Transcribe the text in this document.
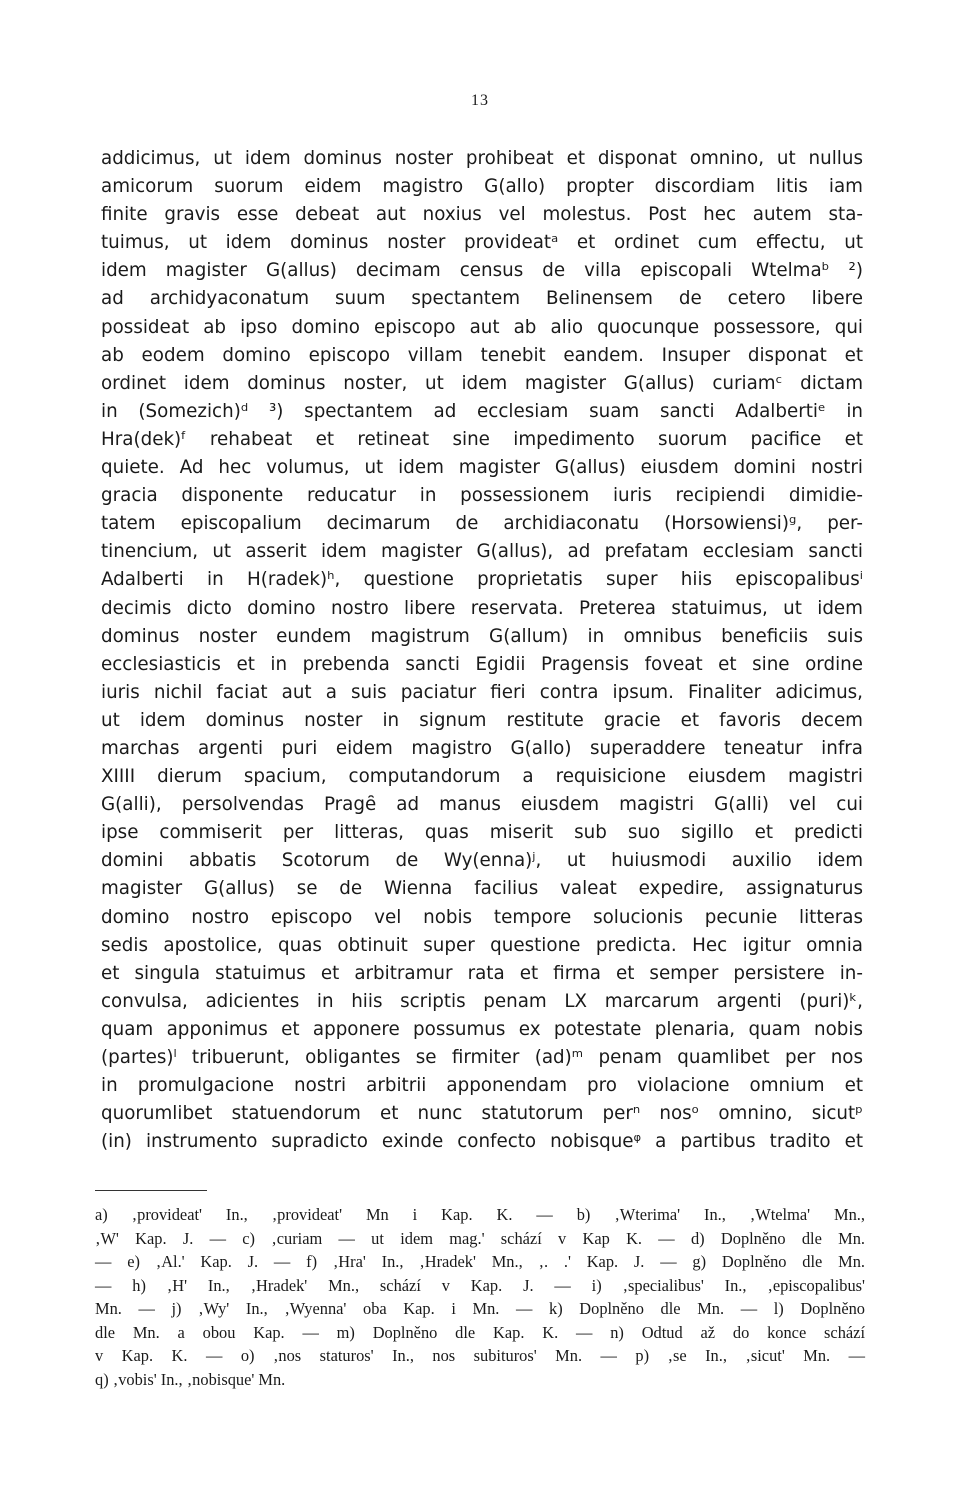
13
addicimus, ut idem dominus noster prohibeat et disponat omnino, ut nullus
amicorum suorum eidem magistro G(allo) propter discordiam litis iam
finite gravis esse debeat aut noxius vel molestus. Post hec autem sta-
tuimus, ut idem dominus noster provideatᵃ et ordinet cum effectu, ut
idem magister G(allus) decimam census de villa episcopali Wtelmaᵇ ²)
ad archidyaconatum suum spectantem Belinensem de cetero libere
possideat ab ipso domino episcopo aut ab alio quocunque possessore, qui
ab eodem domino episcopo villam tenebit eandem. Insuper disponat et
ordinet idem dominus noster, ut idem magister G(allus) curiamᶜ dictam
in (Somezich)ᵈ ³) spectantem ad ecclesiam suam sancti Adalbertiᵉ in
Hra(dek)ᶠ rehabeat et retineat sine impedimento suorum pacifice et
quiete. Ad hec volumus, ut idem magister G(allus) eiusdem domini nostri
gracia disponente reducatur in possessionem iuris recipiendi dimidie-
tatem episcopalium decimarum de archidiaconatu (Horsowiensi)ᵍ, per-
tinencium, ut asserit idem magister G(allus), ad prefatam ecclesiam sancti
Adalberti in H(radek)ʰ, questione proprietatis super hiis episcopalibusⁱ
decimis dicto domino nostro libere reservata. Preterea statuimus, ut idem
dominus noster eundem magistrum G(allum) in omnibus beneficiis suis
ecclesiasticis et in prebenda sancti Egidii Pragensis foveat et sine ordine
iuris nichil faciat aut a suis paciatur fieri contra ipsum. Finaliter adicimus,
ut idem dominus noster in signum restitute gracie et favoris decem
marchas argenti puri eidem magistro G(allo) superaddere teneatur infra
XIIII dierum spacium, computandorum a requisicione eiusdem magistri
G(alli), persolvendas Pragȇ ad manus eiusdem magistri G(alli) vel cui
ipse commiserit per litteras, quas miserit sub suo sigillo et predicti
domini abbatis Scotorum de Wy(enna)ʲ, ut huiusmodi auxilio idem
magister G(allus) se de Wienna facilius valeat expedire, assignaturus
domino nostro episcopo vel nobis tempore solucionis pecunie litteras
sedis apostolice, quas obtinuit super questione predicta. Hec igitur omnia
et singula statuimus et arbitramur rata et firma et semper persistere in-
convulsa, adicientes in hiis scriptis penam LX marcarum argenti (puri)ᵏ,
quam apponimus et apponere possumus ex potestate plenaria, quam nobis
(partes)ˡ tribuerunt, obligantes se firmiter (ad)ᵐ penam quamlibet per nos
in promulgacione nostri arbitrii apponendam pro violacione omnium et
quorumlibet statuendorum et nunc statutorum perⁿ nosᵒ omnino, sicutᵖ
(in) instrumento supradicto exinde confecto nobisqueᵠ a partibus tradito et
a) ‚provideat' In., ‚provideat' Mn i Kap. K. — b) ‚Wterima' In., ‚Wtelma' Mn.,
‚W' Kap. J. — c) ‚curiam — ut idem mag.' schází v Kap K. — d) Doplněno dle Mn.
— e) ‚Al.' Kap. J. — f) ‚Hra' In., ‚Hradek' Mn., ‚. .' Kap. J. — g) Doplněno dle Mn.
— h) ‚H' In., ‚Hradek' Mn., schází v Kap. J. — i) ‚specialibus' In., ‚episcopalibus'
Mn. — j) ‚Wy' In., ‚Wyenna' oba Kap. i Mn. — k) Doplněno dle Mn. — l) Doplněno
dle Mn. a obou Kap. — m) Doplněno dle Kap. K. — n) Odtud až do konce schází
v Kap. K. — o) ‚nos staturos' In., nos subituros' Mn. — p) ‚se In., ‚sicut' Mn. —
q) ‚vobis' In., ‚nobisque' Mn.
